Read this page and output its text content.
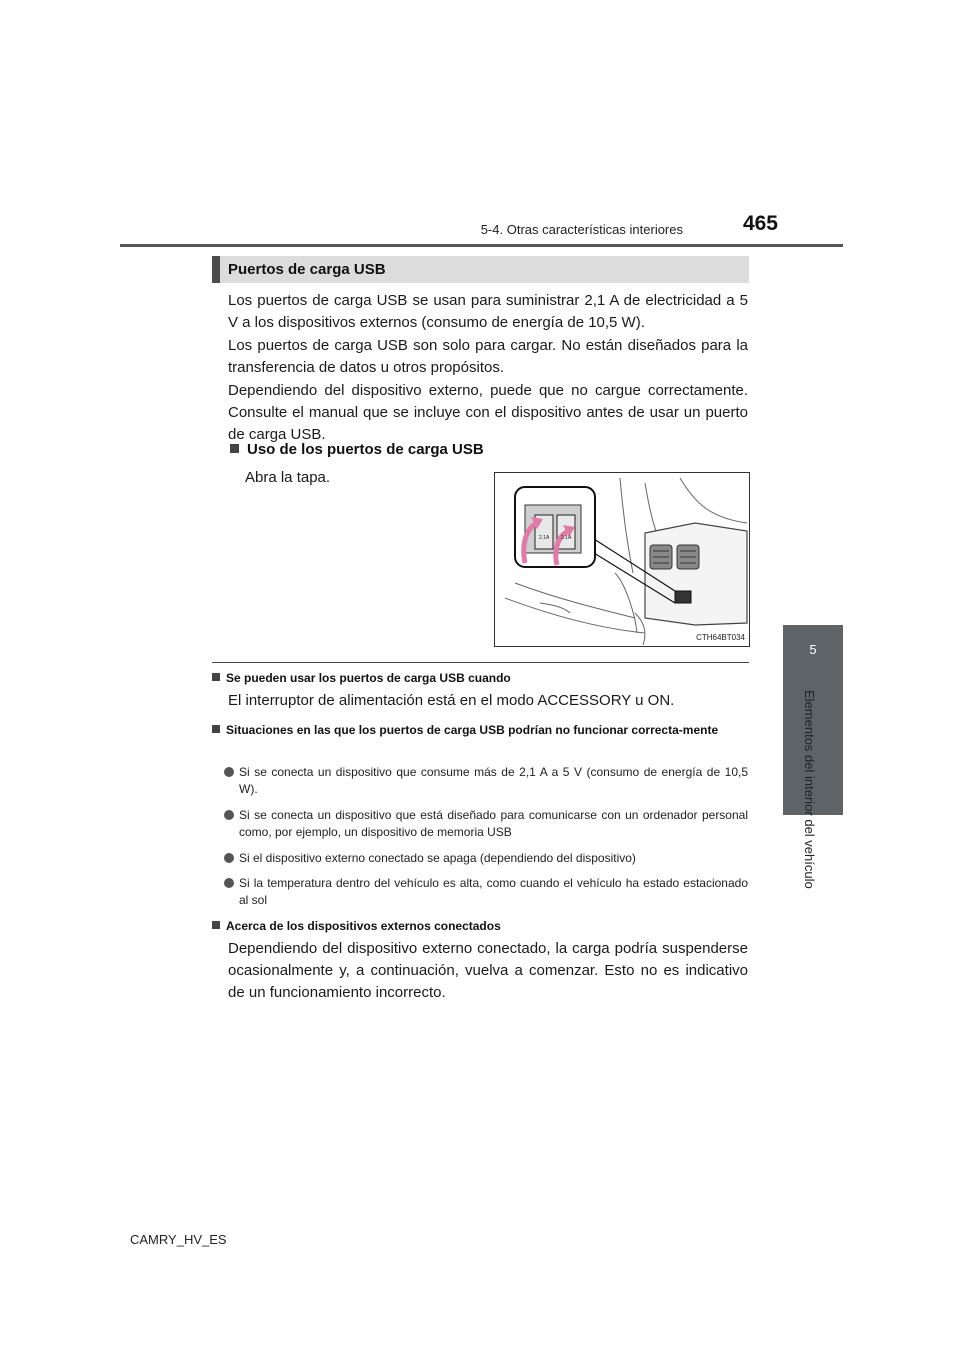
5-4. Otras características interiores	465
5
Elementos del interior del vehículo
Puertos de carga USB

Los puertos de carga USB se usan para suministrar 2,1 A de electricidad a 5 V a los dispositivos externos (consumo de energía de 10,5 W).

Los puertos de carga USB son solo para cargar. No están diseñados para la transferencia de datos u otros propósitos.

Dependiendo del dispositivo externo, puede que no cargue correctamente. Consulte el manual que se incluye con el dispositivo antes de usar un puerto de carga USB.

Uso de los puertos de carga USB
Abra la tapa.
2.1A 2.1A
CTH64BT034
Se pueden usar los puertos de carga USB cuando
El interruptor de alimentación está en el modo ACCESSORY u ON.
Situaciones en las que los puertos de carga USB podrían no funcionar correcta-mente
Si se conecta un dispositivo que consume más de 2,1 A a 5 V (consumo de energía de 10,5 W).
Si se conecta un dispositivo que está diseñado para comunicarse con un ordenador personal como, por ejemplo, un dispositivo de memoria USB
Si el dispositivo externo conectado se apaga (dependiendo del dispositivo)
Si la temperatura dentro del vehículo es alta, como cuando el vehículo ha estado estacionado al sol
Acerca de los dispositivos externos conectados
Dependiendo del dispositivo externo conectado, la carga podría suspenderse ocasionalmente y, a continuación, vuelva a comenzar. Esto no es indicativo de un funcionamiento incorrecto.
CAMRY_HV_ES
